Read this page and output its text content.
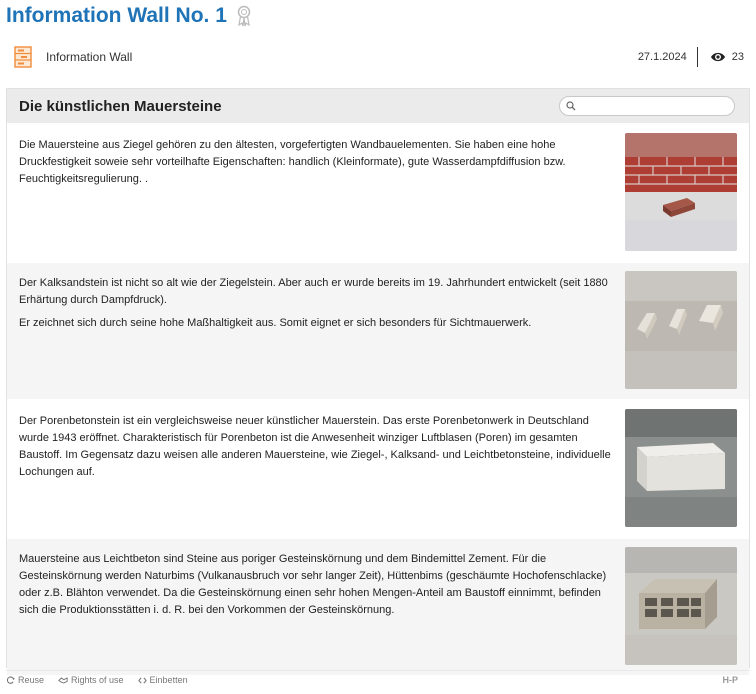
Information Wall No. 1
Information Wall	27.1.2024	23
Die künstlichen Mauersteine

Die Mauersteine aus Ziegel gehören zu den ältesten, vorgefertigten Wandbauelementen. Sie haben eine hohe Druckfestigkeit soweie sehr vorteilhafte Eigenschaften: handlich (Kleinformate), gute Wasserdampfdiffusion bzw. Feuchtigkeitsregulierung. .

Der Kalksandstein ist nicht so alt wie der Ziegelstein. Aber auch er wurde bereits im 19. Jahrhundert entwickelt (seit 1880 Erhärtung durch Dampfdruck).

Er zeichnet sich durch seine hohe Maßhaltigkeit aus. Somit eignet er sich besonders für Sichtmauerwerk.

Der Porenbetonstein ist ein vergleichsweise neuer künstlicher Mauerstein. Das erste Porenbetonwerk in Deutschland wurde 1943 eröffnet. Charakteristisch für Porenbeton ist die Anwesenheit winziger Luftblasen (Poren) im gesamten Baustoff. Im Gegensatz dazu weisen alle anderen Mauersteine, wie Ziegel-, Kalksand- und Leichtbetonsteine, individuelle Lochungen auf.

Mauersteine aus Leichtbeton sind Steine aus poriger Gesteinskörnung und dem Bindemittel Zement. Für die Gesteinskörnung werden Naturbims (Vulkanausbruch vor sehr langer Zeit), Hüttenbims (geschäumte Hochofenschlacke) oder z.B. Blähton verwendet. Da die Gesteinskörnung einen sehr hohen Mengen-Anteil am Baustoff einnimmt, befinden sich die Produktionsstätten i. d. R. bei den Vorkommen der Gesteinskörnung.

Reuse	Rights of use	Einbetten	H-P
